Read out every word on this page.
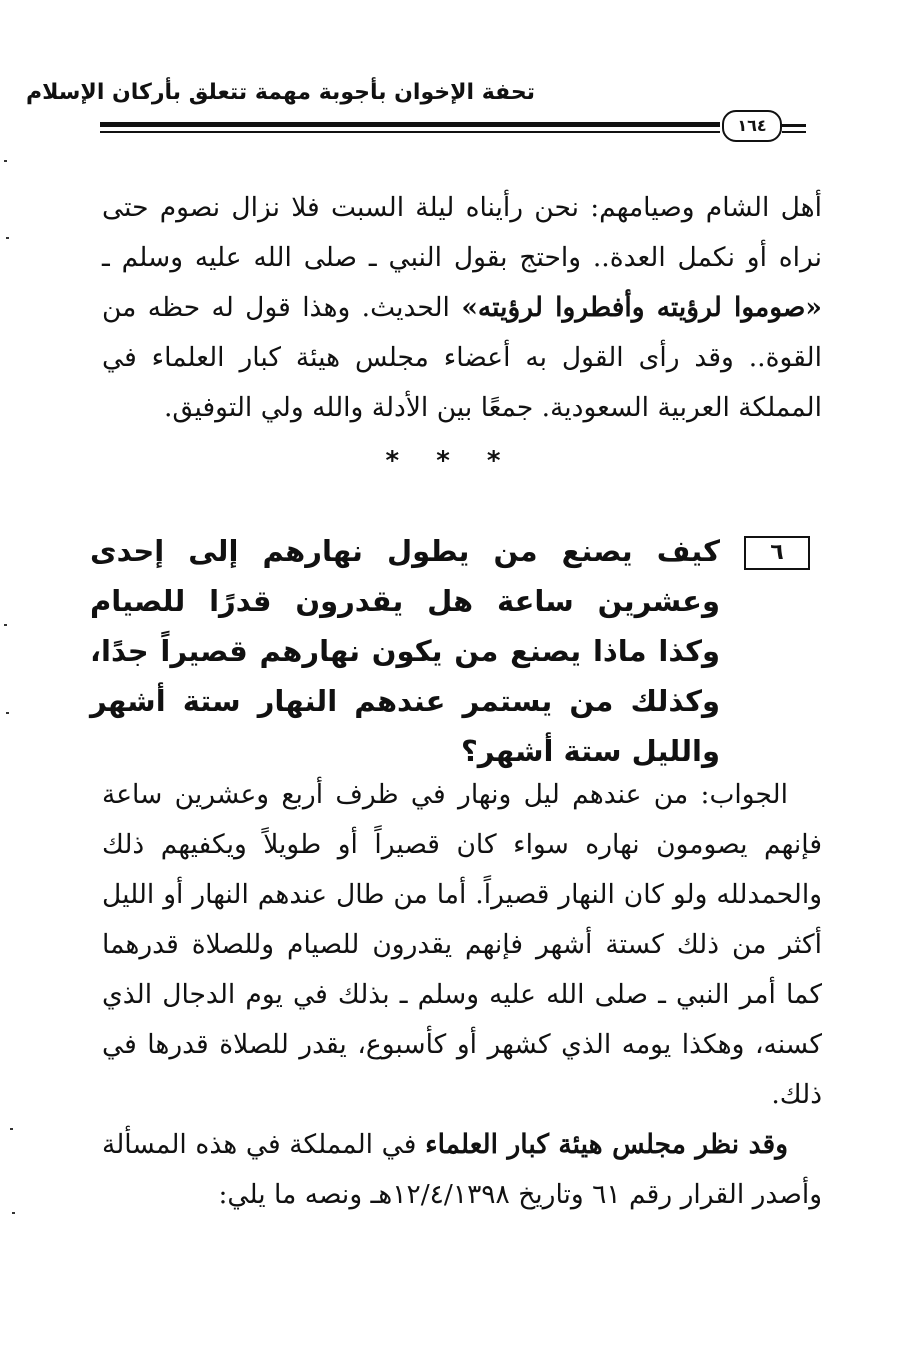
تحفة الإخوان بأجوبة مهمة تتعلق بأركان الإسلام
١٦٤
أهل الشام وصيامهم: نحن رأيناه ليلة السبت فلا نزال نصوم حتى نراه أو نكمل العدة.. واحتج بقول النبي ـ صلى الله عليه وسلم ـ «صوموا لرؤيته وأفطروا لرؤيته» الحديث. وهذا قول له حظه من القوة.. وقد رأى القول به أعضاء مجلس هيئة كبار العلماء في المملكة العربية السعودية. جمعًا بين الأدلة والله ولي التوفيق.
* * *
٦
كيف يصنع من يطول نهارهم إلى إحدى وعشرين ساعة هل يقدرون قدرًا للصيام وكذا ماذا يصنع من يكون نهارهم قصيراً جدًا، وكذلك من يستمر عندهم النهار ستة أشهر والليل ستة أشهر؟
الجواب: من عندهم ليل ونهار في ظرف أربع وعشرين ساعة فإنهم يصومون نهاره سواء كان قصيراً أو طويلاً ويكفيهم ذلك والحمدلله ولو كان النهار قصيراً. أما من طال عندهم النهار أو الليل أكثر من ذلك كستة أشهر فإنهم يقدرون للصيام وللصلاة قدرهما كما أمر النبي ـ صلى الله عليه وسلم ـ بذلك في يوم الدجال الذي كسنه، وهكذا يومه الذي كشهر أو كأسبوع، يقدر للصلاة قدرها في ذلك.
وقد نظر مجلس هيئة كبار العلماء في المملكة في هذه المسألة وأصدر القرار رقم ٦١ وتاريخ ١٢/٤/١٣٩٨هـ ونصه ما يلي:
